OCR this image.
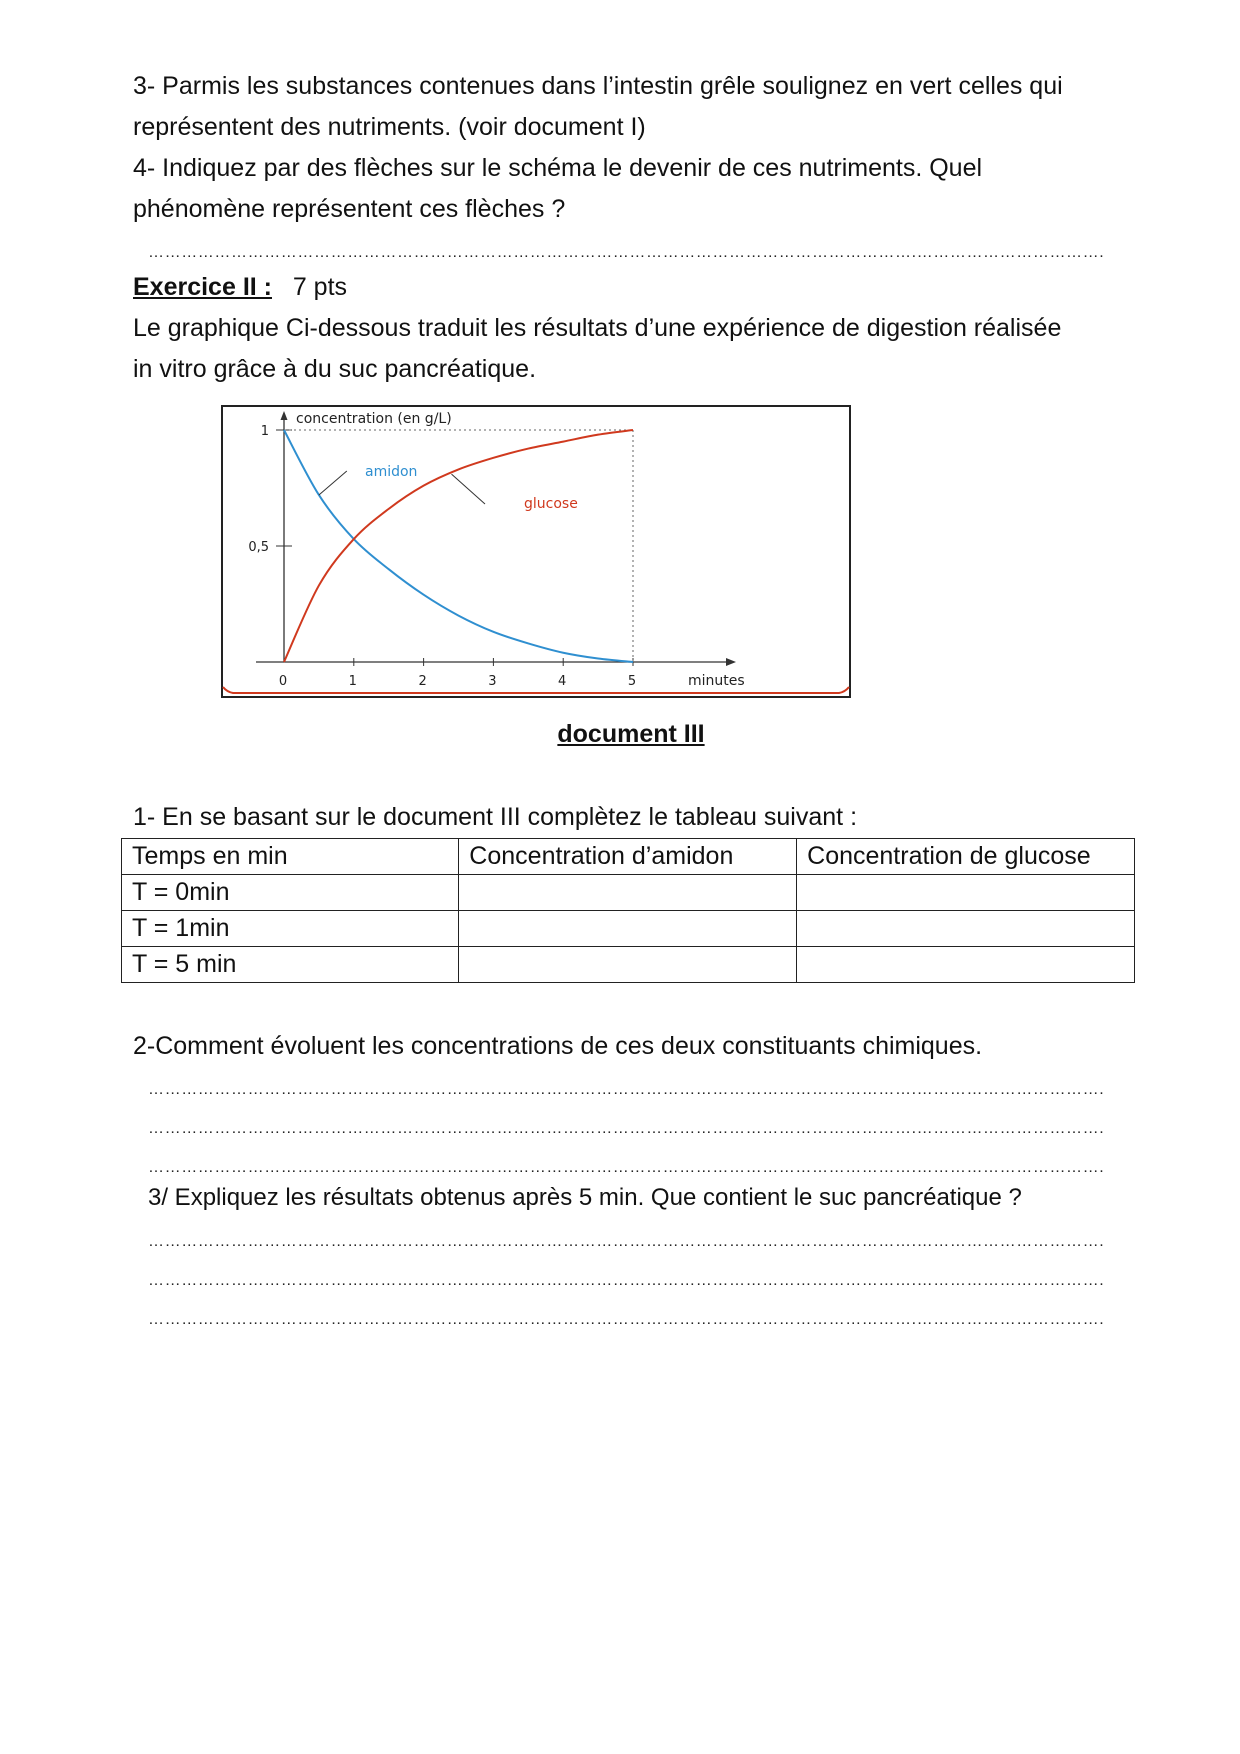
3- Parmis les substances contenues dans l’intestin grêle soulignez en vert celles qui
représentent des nutriments. (voir document I)
4- Indiquez par des flèches sur le schéma le devenir de ces nutriments. Quel
phénomène représentent ces flèches ?
………………………………………………………………………………………………………………………….…………………………….
Exercice II : 7 pts
Le graphique Ci-dessous traduit les résultats d’une expérience de digestion réalisée
in vitro grâce à du suc pancréatique.
0	1	2	3	4	5
0,5
1
concentration (en g/L)
minutes
amidon
glucose
document III
1- En se basant sur le document III complètez le tableau suivant :
Temps en min	Concentration d’amidon	Concentration de glucose
T = 0min		
T = 1min		
T = 5 min		
2-Comment évoluent les concentrations de ces deux constituants chimiques.
………………………………………………………………………………………………………………………….…………………………….
………………………………………………………………………………………………………………………….…………………………….
………………………………………………………………………………………………………………………….…………………………….
3/ Expliquez les résultats obtenus après 5 min. Que contient le suc pancréatique ?
………………………………………………………………………………………………………………………….…………………………….
………………………………………………………………………………………………………………………….…………………………….
………………………………………………………………………………………………………………………….…………………………….
